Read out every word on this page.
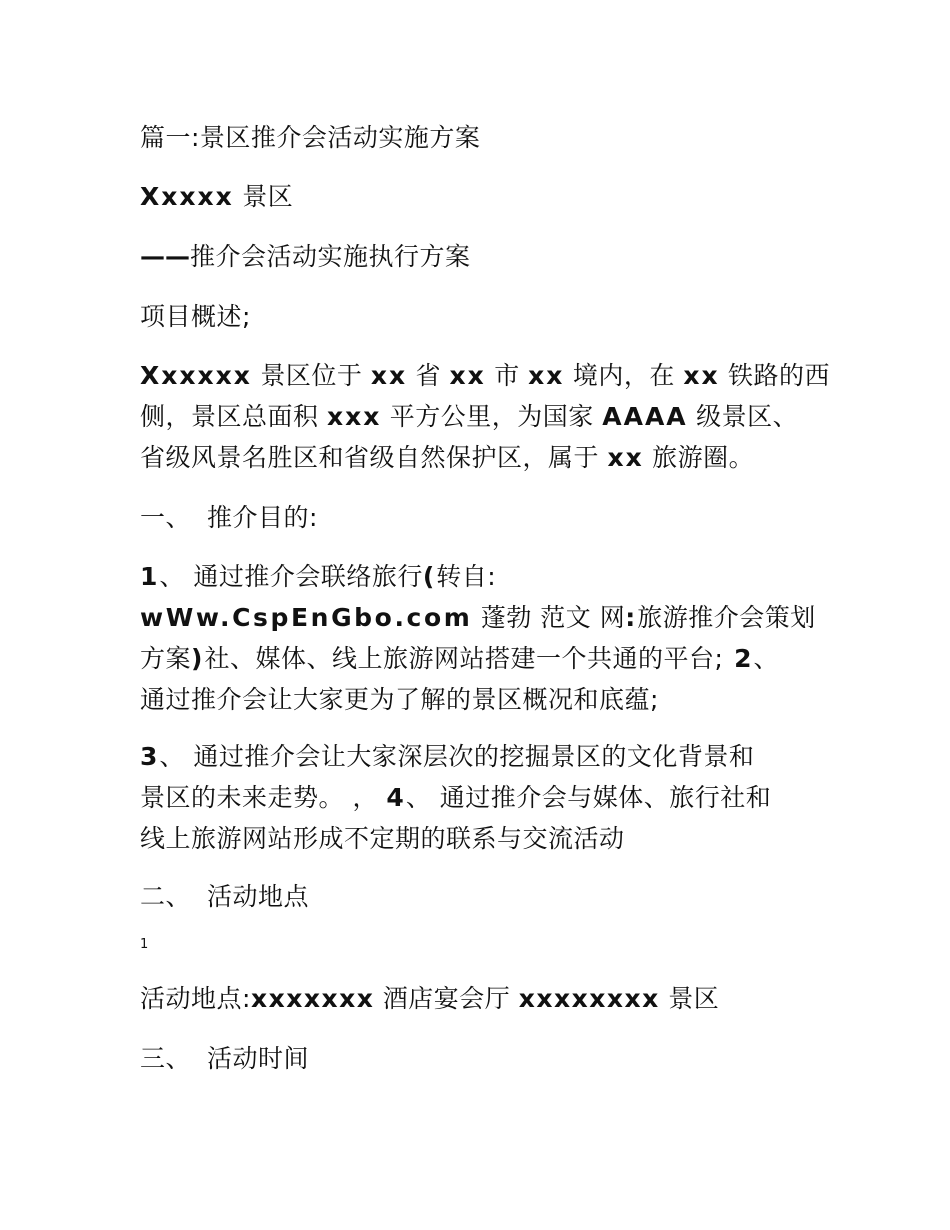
篇一:景区推介会活动实施方案
Xxxxx 景区
——推介会活动实施执行方案
项目概述;
Xxxxxx 景区位于 xx 省 xx 市 xx 境内，在 xx 铁路的西
侧，景区总面积 xxx 平方公里，为国家 AAAA 级景区、
省级风景名胜区和省级自然保护区，属于 xx 旅游圈。
一、 推介目的:
1、 通过推介会联络旅行(转自:
wWw.CspEnGbo.com 蓬勃 范文 网:旅游推介会策划
方案)社、媒体、线上旅游网站搭建一个共通的平台; 2、
通过推介会让大家更为了解的景区概况和底蕴;
3、 通过推介会让大家深层次的挖掘景区的文化背景和
景区的未来走势。 ， 4、 通过推介会与媒体、旅行社和
线上旅游网站形成不定期的联系与交流活动
二、 活动地点
1
活动地点:xxxxxxx 酒店宴会厅 xxxxxxxx 景区
三、 活动时间
